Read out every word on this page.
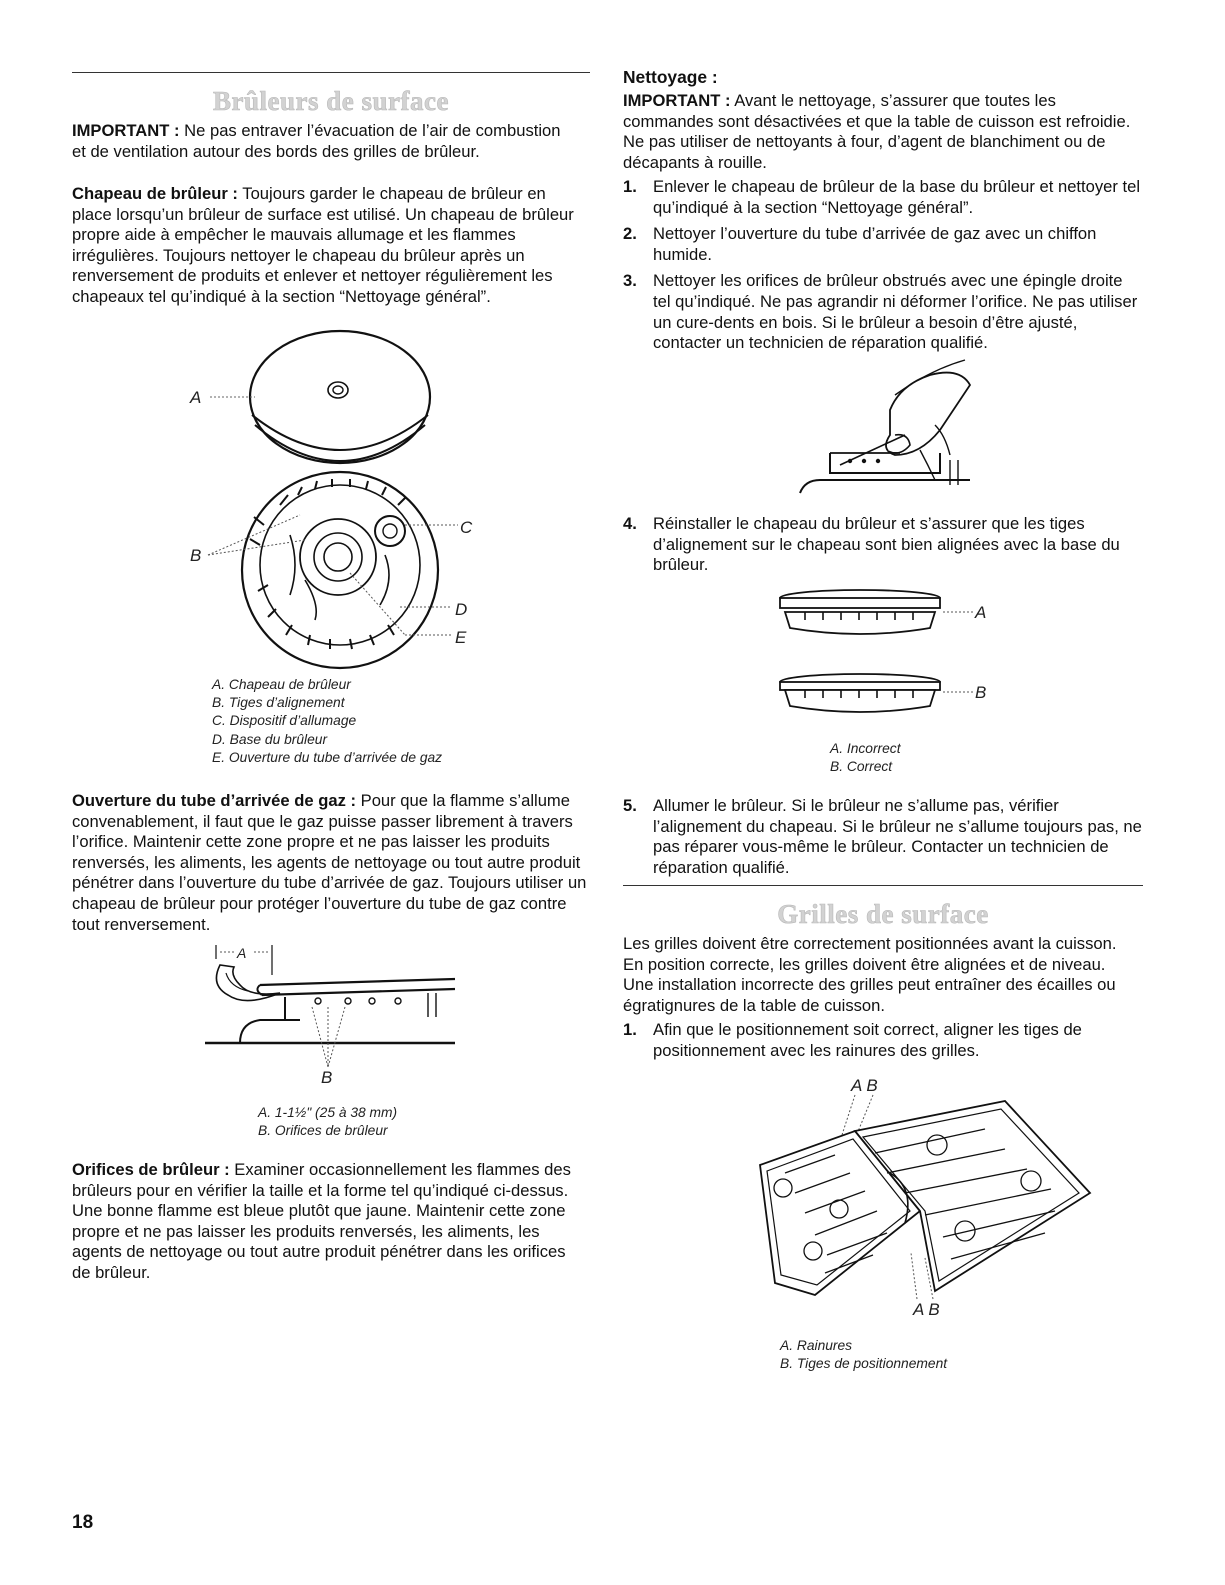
Brûleurs de surface

IMPORTANT : Ne pas entraver l’évacuation de l’air de combustion et de ventilation autour des bords des grilles de brûleur.

Chapeau de brûleur : Toujours garder le chapeau de brûleur en place lorsqu’un brûleur de surface est utilisé. Un chapeau de brûleur propre aide à empêcher le mauvais allumage et les flammes irrégulières. Toujours nettoyer le chapeau du brûleur après un renversement de produits et enlever et nettoyer régulièrement les chapeaux tel qu’indiqué à la section “Nettoyage général”.

A
B
C
D
E
A. Chapeau de brûleur
B. Tiges d’alignement
C. Dispositif d’allumage
D. Base du brûleur
E. Ouverture du tube d’arrivée de gaz

Ouverture du tube d’arrivée de gaz : Pour que la flamme s’allume convenablement, il faut que le gaz puisse passer librement à travers l’orifice. Maintenir cette zone propre et ne pas laisser les produits renversés, les aliments, les agents de nettoyage ou tout autre produit pénétrer dans l’ouverture du tube d’arrivée de gaz. Toujours utiliser un chapeau de brûleur pour protéger l’ouverture du tube de gaz contre tout renversement.

A
B
A. 1-1½" (25 à 38 mm)
B. Orifices de brûleur

Orifices de brûleur : Examiner occasionnellement les flammes des brûleurs pour en vérifier la taille et la forme tel qu’indiqué ci-dessus. Une bonne flamme est bleue plutôt que jaune. Maintenir cette zone propre et ne pas laisser les produits renversés, les aliments, les agents de nettoyage ou tout autre produit pénétrer dans les orifices de brûleur.

Nettoyage :

IMPORTANT : Avant le nettoyage, s’assurer que toutes les commandes sont désactivées et que la table de cuisson est refroidie. Ne pas utiliser de nettoyants à four, d’agent de blanchiment ou de décapants à rouille.

1. Enlever le chapeau de brûleur de la base du brûleur et nettoyer tel qu’indiqué à la section “Nettoyage général”.
2. Nettoyer l’ouverture du tube d’arrivée de gaz avec un chiffon humide.
3. Nettoyer les orifices de brûleur obstrués avec une épingle droite tel qu’indiqué. Ne pas agrandir ni déformer l’orifice. Ne pas utiliser un cure-dents en bois. Si le brûleur a besoin d’être ajusté, contacter un technicien de réparation qualifié.
4. Réinstaller le chapeau du brûleur et s’assurer que les tiges d’alignement sur le chapeau sont bien alignées avec la base du brûleur.
A
B
A. Incorrect
B. Correct
5. Allumer le brûleur. Si le brûleur ne s’allume pas, vérifier l’alignement du chapeau. Si le brûleur ne s’allume toujours pas, ne pas réparer vous-même le brûleur. Contacter un technicien de réparation qualifié.
Grilles de surface

Les grilles doivent être correctement positionnées avant la cuisson. En position correcte, les grilles doivent être alignées et de niveau. Une installation incorrecte des grilles peut entraîner des écailles ou égratignures de la table de cuisson.

1. Afin que le positionnement soit correct, aligner les tiges de positionnement avec les rainures des grilles.
A B
A B
A. Rainures
B. Tiges de positionnement
18
